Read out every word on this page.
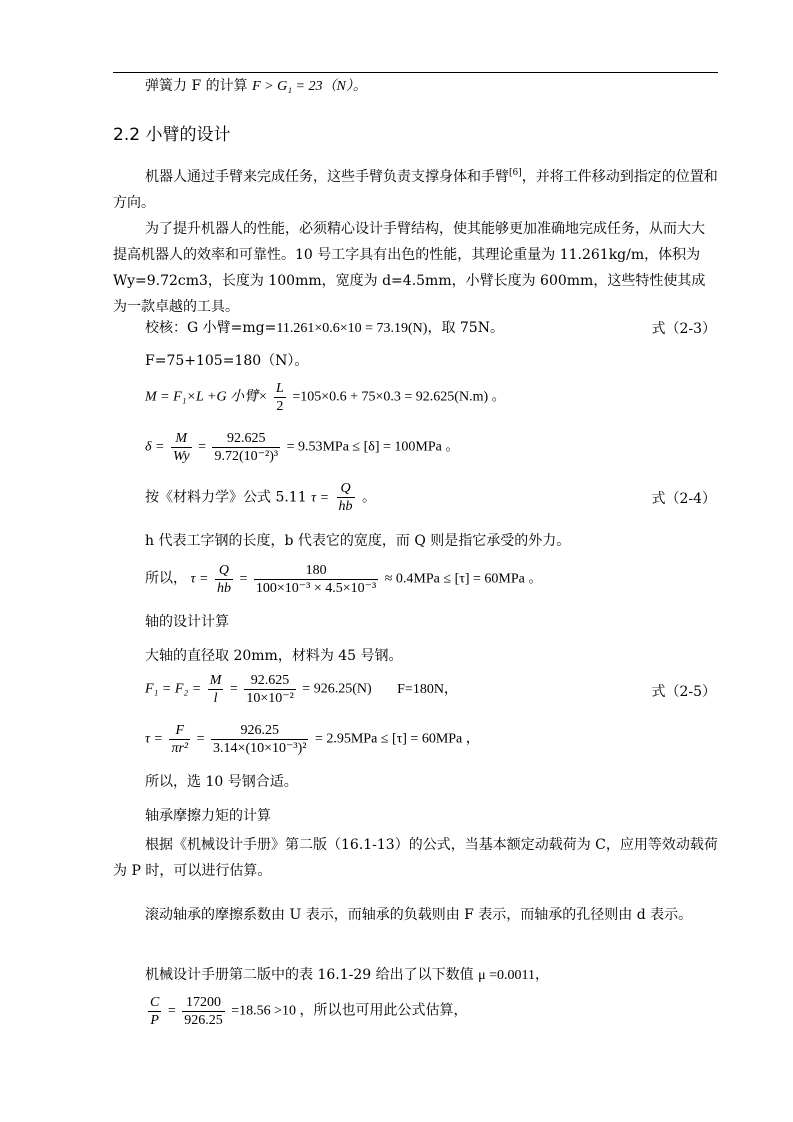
弹簧力 F 的计算 F > G₁ = 23（N）。
2.2 小臂的设计

机器人通过手臂来完成任务，这些手臂负责支撑身体和手臂[6]，并将工件移动到指定的位置和方向。

为了提升机器人的性能，必须精心设计手臂结构，使其能够更加准确地完成任务，从而大大提高机器人的效率和可靠性。10 号工字具有出色的性能，其理论重量为 11.261kg/m，体积为 Wy=9.72cm3，长度为 100mm，宽度为 d=4.5mm，小臂长度为 600mm，这些特性使其成为一款卓越的工具。

校核：G 小臂=mg=11.261×0.6×10 = 73.19(N)，取 75N。	式（2-3）
F=75+105=180（N）。
M = F₁×L +G 小臂× $\frac{L}{2} =105\times 0.6 + 75\times 0.3 = 92.625(N.m)$ 。
$\delta = \frac{M}{Wy} = \frac{92.625}{\text{9.72(10⁻²)³}} = 9.53MPa \le [\delta] = 100MPa$ 。
按《材料力学》公式 5.11 $\tau = \frac{Q}{hb}$ 。	式（2-4）
h 代表工字钢的长度，b 代表它的宽度，而 Q 则是指它承受的外力。
所以， $\tau = \frac{Q}{hb} = \frac{180}{\text{100×10⁻³ × 4.5×10⁻³}} \approx 0.4MPa \le [\tau] = 60MPa$ 。
轴的设计计算
大轴的直径取 20mm，材料为 45 号钢。
$F_1 = F_2 = \frac{M}{l} = \frac{92.625}{\text{10×10⁻²}} = 926.25(N)$ F=180N，	式（2-5）
$\tau = \frac{F}{\text{πr²}} = \frac{926.25}{\text{3.14×(10×10⁻³)²}} = 2.95MPa \le [\tau] = 60MPa$ ，
所以，选 10 号钢合适。
轴承摩擦力矩的计算

根据《机械设计手册》第二版（16.1-13）的公式，当基本额定动载荷为 C，应用等效动载荷为 P 时，可以进行估算。

滚动轴承的摩擦系数由 U 表示，而轴承的负载则由 F 表示，而轴承的孔径则由 d 表示。

机械设计手册第二版中的表 16.1-29 给出了以下数值 μ =0.0011，
$\frac{C}{P} = \frac{17200}{926.25} =18.56 >10$ ，所以也可用此公式估算，
